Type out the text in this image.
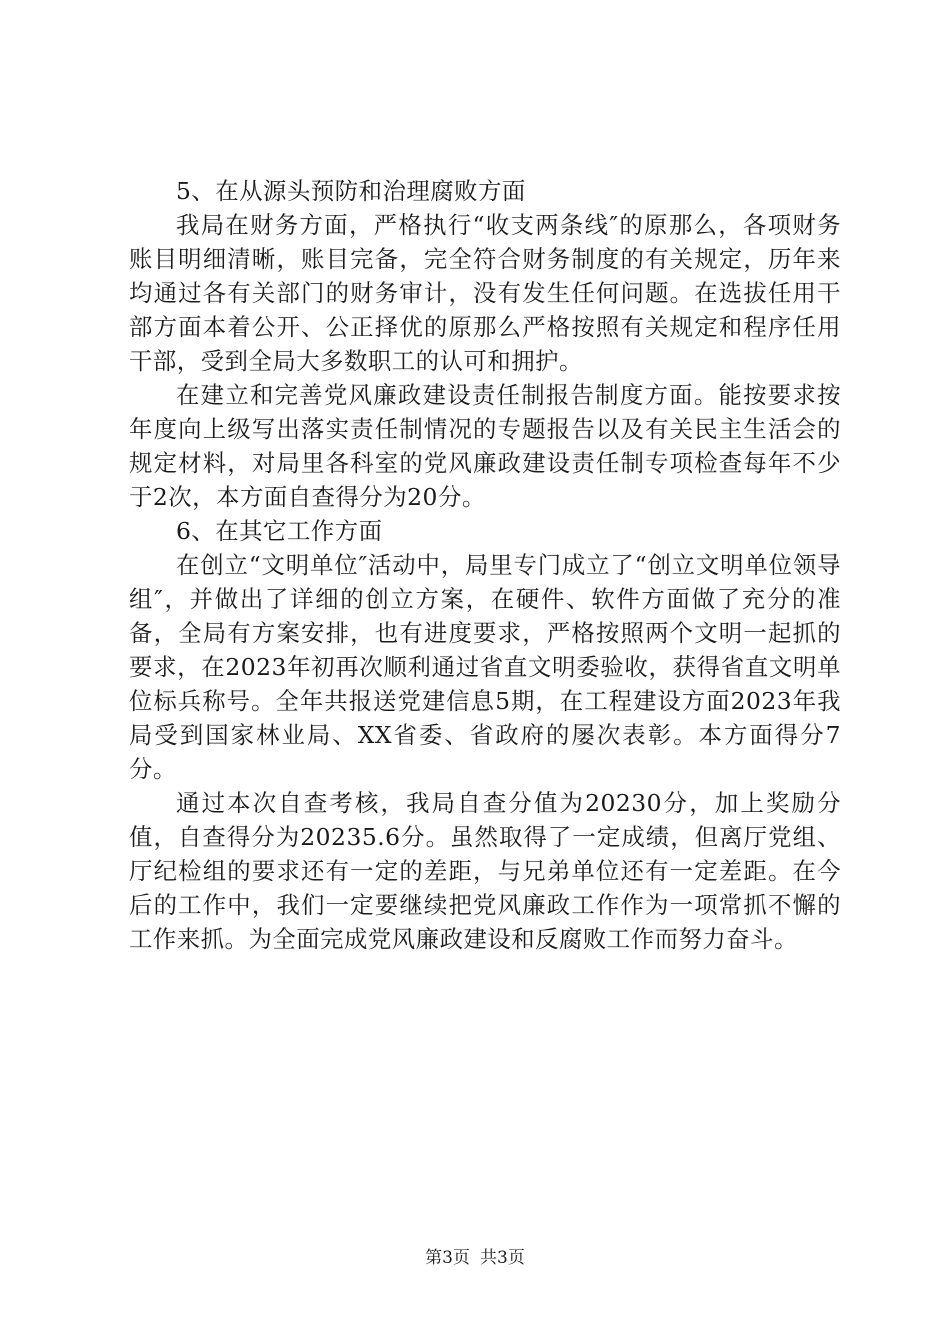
5、在从源头预防和治理腐败方面

我局在财务方面，严格执行“收支两条线″的原那么，各项财务账目明细清晰，账目完备，完全符合财务制度的有关规定，历年来均通过各有关部门的财务审计，没有发生任何问题。在选拔任用干部方面本着公开、公正择优的原那么严格按照有关规定和程序任用干部，受到全局大多数职工的认可和拥护。

在建立和完善党风廉政建设责任制报告制度方面。能按要求按年度向上级写出落实责任制情况的专题报告以及有关民主生活会的规定材料，对局里各科室的党风廉政建设责任制专项检查每年不少于2次，本方面自查得分为20分。

6、在其它工作方面

在创立“文明单位″活动中，局里专门成立了“创立文明单位领导组″，并做出了详细的创立方案，在硬件、软件方面做了充分的准备，全局有方案安排，也有进度要求，严格按照两个文明一起抓的要求，在2023年初再次顺利通过省直文明委验收，获得省直文明单位标兵称号。全年共报送党建信息5期，在工程建设方面2023年我局受到国家林业局、XX省委、省政府的屡次表彰。本方面得分7分。

通过本次自查考核，我局自查分值为20230分，加上奖励分值，自查得分为20235.6分。虽然取得了一定成绩，但离厅党组、厅纪检组的要求还有一定的差距，与兄弟单位还有一定差距。在今后的工作中，我们一定要继续把党风廉政工作作为一项常抓不懈的工作来抓。为全面完成党风廉政建设和反腐败工作而努力奋斗。

第3页 共3页
